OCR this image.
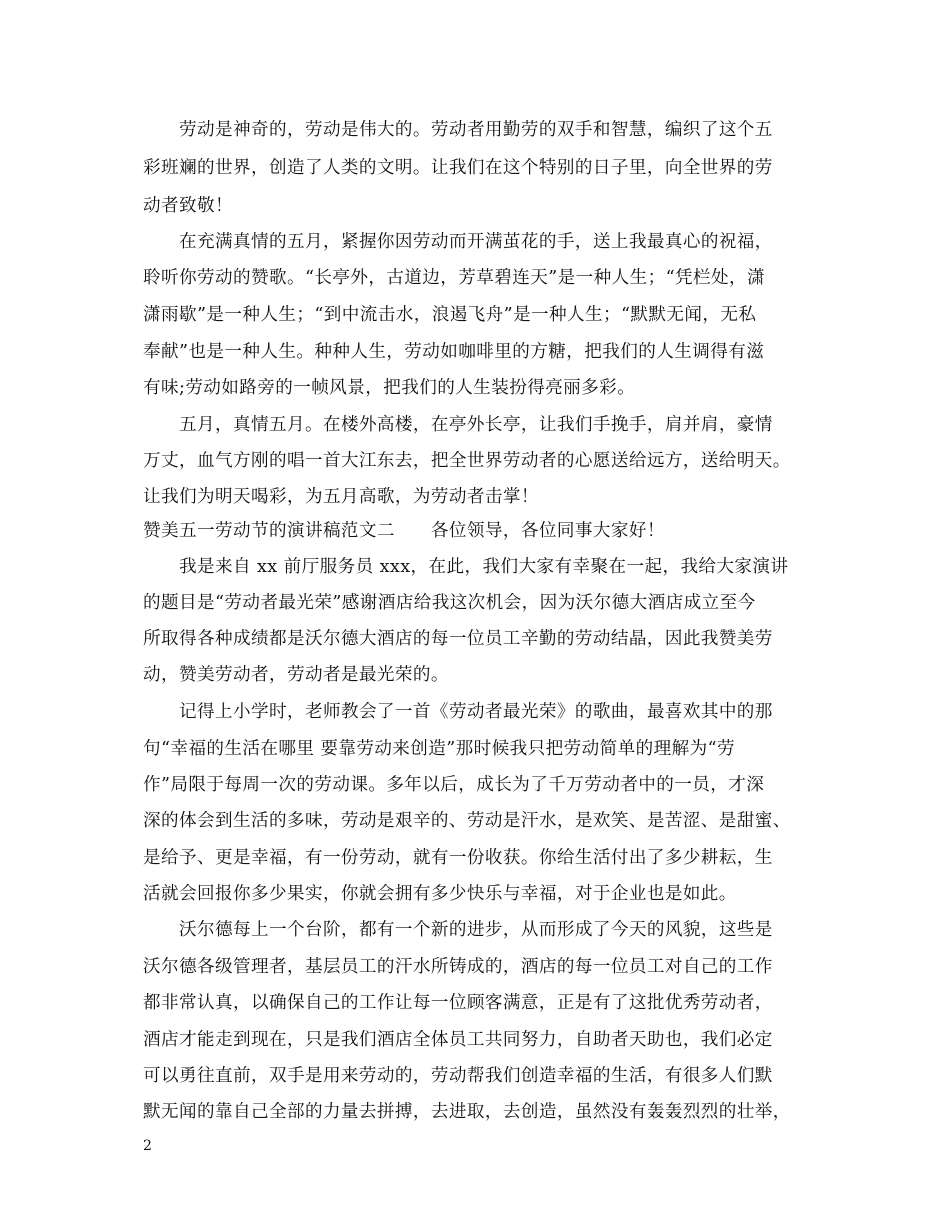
劳动是神奇的，劳动是伟大的。劳动者用勤劳的双手和智慧，编织了这个五
彩班斓的世界，创造了人类的文明。让我们在这个特别的日子里，向全世界的劳
动者致敬！
在充满真情的五月，紧握你因劳动而开满茧花的手，送上我最真心的祝福，
聆听你劳动的赞歌。“长亭外，古道边，芳草碧连天”是一种人生；“凭栏处，潇
潇雨歇”是一种人生；“到中流击水，浪遏飞舟”是一种人生；“默默无闻，无私
奉献”也是一种人生。种种人生，劳动如咖啡里的方糖，把我们的人生调得有滋
有味;劳动如路旁的一帧风景，把我们的人生装扮得亮丽多彩。
五月，真情五月。在楼外高楼，在亭外长亭，让我们手挽手，肩并肩，豪情
万丈，血气方刚的唱一首大江东去，把全世界劳动者的心愿送给远方，送给明天。
让我们为明天喝彩，为五月高歌，为劳动者击掌！
赞美五一劳动节的演讲稿范文二　　各位领导，各位同事大家好！
我是来自 xx 前厅服务员 xxx，在此，我们大家有幸聚在一起，我给大家演讲
的题目是“劳动者最光荣”感谢酒店给我这次机会，因为沃尔德大酒店成立至今
所取得各种成绩都是沃尔德大酒店的每一位员工辛勤的劳动结晶，因此我赞美劳
动，赞美劳动者，劳动者是最光荣的。
记得上小学时，老师教会了一首《劳动者最光荣》的歌曲，最喜欢其中的那
句“幸福的生活在哪里 要靠劳动来创造”那时候我只把劳动简单的理解为“劳
作”局限于每周一次的劳动课。多年以后，成长为了千万劳动者中的一员，才深
深的体会到生活的多味，劳动是艰辛的、劳动是汗水，是欢笑、是苦涩、是甜蜜、
是给予、更是幸福，有一份劳动，就有一份收获。你给生活付出了多少耕耘，生
活就会回报你多少果实，你就会拥有多少快乐与幸福，对于企业也是如此。
沃尔德每上一个台阶，都有一个新的进步，从而形成了今天的风貌，这些是
沃尔德各级管理者，基层员工的汗水所铸成的，酒店的每一位员工对自己的工作
都非常认真，以确保自己的工作让每一位顾客满意，正是有了这批优秀劳动者，
酒店才能走到现在，只是我们酒店全体员工共同努力，自助者天助也，我们必定
可以勇往直前，双手是用来劳动的，劳动帮我们创造幸福的生活，有很多人们默
默无闻的靠自己全部的力量去拼搏，去进取，去创造，虽然没有轰轰烈烈的壮举，
2
